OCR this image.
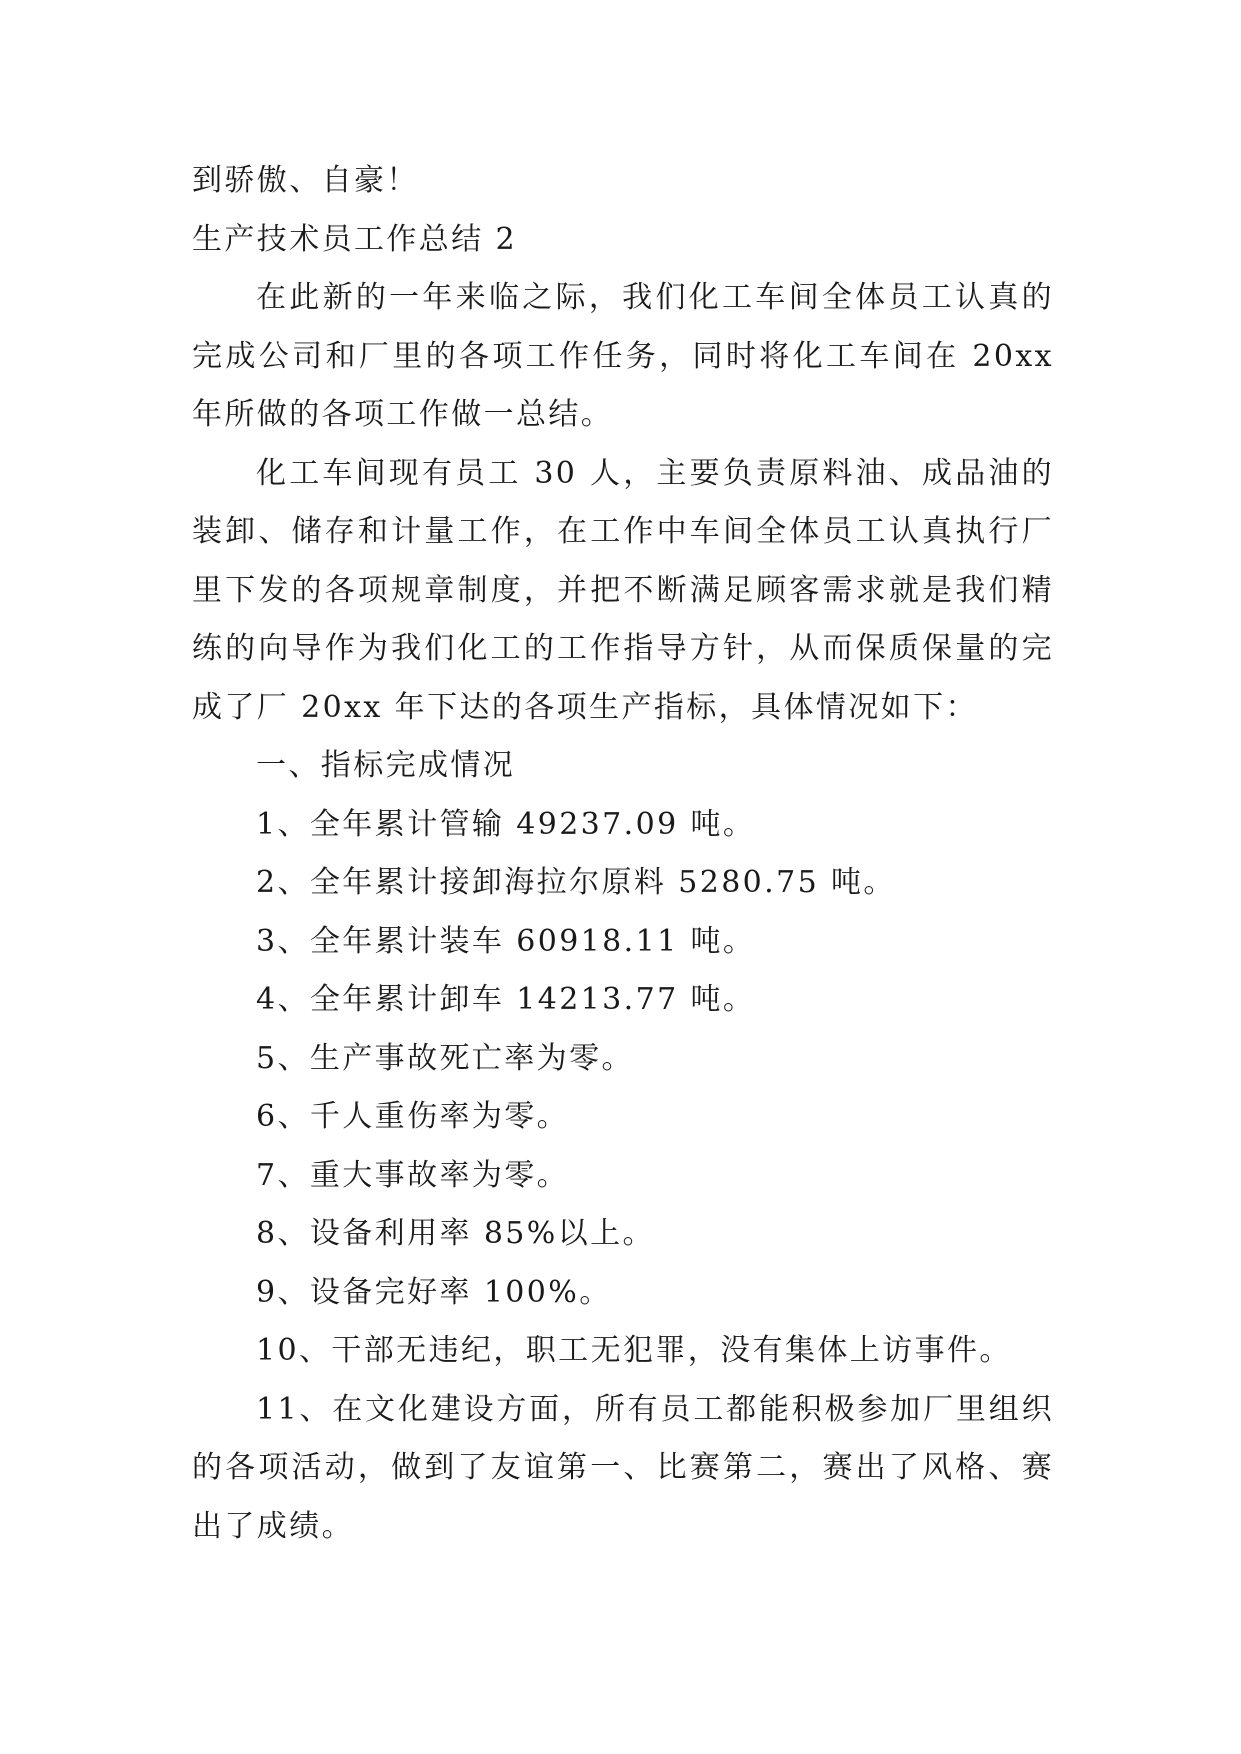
到骄傲、自豪！

生产技术员工作总结 2

在此新的一年来临之际，我们化工车间全体员工认真的

完成公司和厂里的各项工作任务，同时将化工车间在 20xx

年所做的各项工作做一总结。

化工车间现有员工 30 人，主要负责原料油、成品油的

装卸、储存和计量工作，在工作中车间全体员工认真执行厂

里下发的各项规章制度，并把不断满足顾客需求就是我们精

练的向导作为我们化工的工作指导方针，从而保质保量的完

成了厂 20xx 年下达的各项生产指标，具体情况如下：

一、指标完成情况

1、全年累计管输 49237.09 吨。

2、全年累计接卸海拉尔原料 5280.75 吨。

3、全年累计装车 60918.11 吨。

4、全年累计卸车 14213.77 吨。

5、生产事故死亡率为零。

6、千人重伤率为零。

7、重大事故率为零。

8、设备利用率 85%以上。

9、设备完好率 100%。

10、干部无违纪，职工无犯罪，没有集体上访事件。

11、在文化建设方面，所有员工都能积极参加厂里组织

的各项活动，做到了友谊第一、比赛第二，赛出了风格、赛

出了成绩。
